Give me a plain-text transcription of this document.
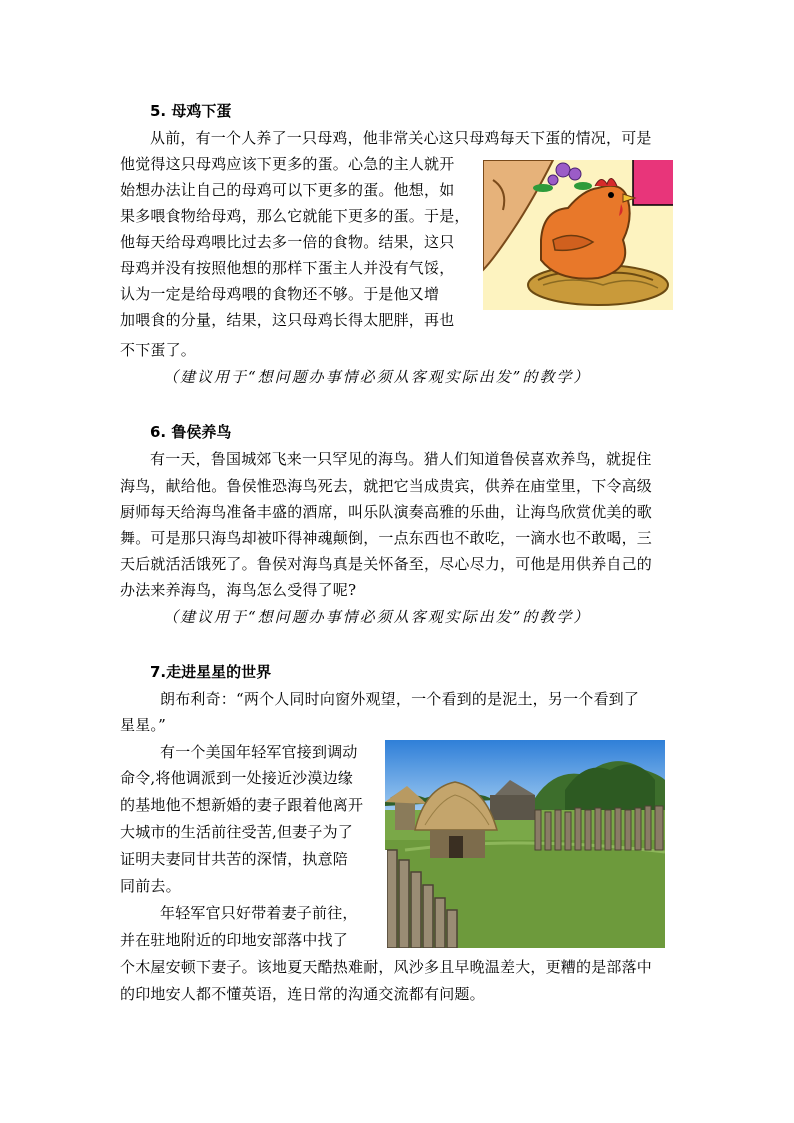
5. 母鸡下蛋
从前，有一个人养了一只母鸡，他非常关心这只母鸡每天下蛋的情况，可是
他觉得这只母鸡应该下更多的蛋。心急的主人就开
始想办法让自己的母鸡可以下更多的蛋。他想，如
果多喂食物给母鸡，那么它就能下更多的蛋。于是，
他每天给母鸡喂比过去多一倍的食物。结果，这只
母鸡并没有按照他想的那样下蛋主人并没有气馁，
认为一定是给母鸡喂的食物还不够。于是他又增
加喂食的分量，结果，这只母鸡长得太肥胖，再也
不下蛋了。
（建议用于“想问题办事情必须从客观实际出发”的教学）
6. 鲁侯养鸟
有一天，鲁国城郊飞来一只罕见的海鸟。猎人们知道鲁侯喜欢养鸟，就捉住
海鸟，献给他。鲁侯惟恐海鸟死去，就把它当成贵宾，供养在庙堂里，下令高级
厨师每天给海鸟准备丰盛的酒席，叫乐队演奏高雅的乐曲，让海鸟欣赏优美的歌
舞。可是那只海鸟却被吓得神魂颠倒，一点东西也不敢吃，一滴水也不敢喝，三
天后就活活饿死了。鲁侯对海鸟真是关怀备至，尽心尽力，可他是用供养自己的
办法来养海鸟，海鸟怎么受得了呢?
（建议用于“想问题办事情必须从客观实际出发”的教学）
7.走进星星的世界
朗布利奇：“两个人同时向窗外观望，一个看到的是泥土，另一个看到了
星星。”
有一个美国年轻军官接到调动
命令,将他调派到一处接近沙漠边缘
的基地他不想新婚的妻子跟着他离开
大城市的生活前往受苦,但妻子为了
证明夫妻同甘共苦的深情，执意陪
同前去。
年轻军官只好带着妻子前往，
并在驻地附近的印地安部落中找了
个木屋安顿下妻子。该地夏天酷热难耐，风沙多且早晚温差大，更糟的是部落中
的印地安人都不懂英语，连日常的沟通交流都有问题。
